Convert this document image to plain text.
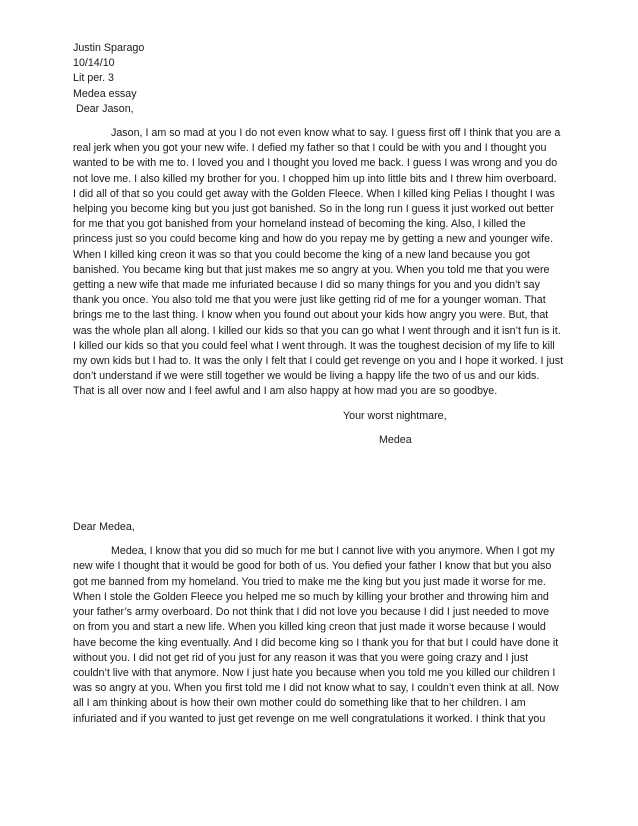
Justin Sparago
10/14/10
Lit per. 3
Medea essay
Dear Jason,
Jason, I am so mad at you I do not even know what to say. I guess first off I think that you are a
real jerk when you got your new wife. I defied my father so that I could be with you and I thought you
wanted to be with me to. I loved you and I thought you loved me back. I guess I was wrong and you do
not love me. I also killed my brother for you. I chopped him up into little bits and I threw him overboard.
I did all of that so you could get away with the Golden Fleece. When I killed king Pelias I thought I was
helping you become king but you just got banished. So in the long run I guess it just worked out better
for me that you got banished from your homeland instead of becoming the king. Also, I killed the
princess just so you could become king and how do you repay me by getting a new and younger wife.
When I killed king creon it was so that you could become the king of a new land because you got
banished. You became king but that just makes me so angry at you. When you told me that you were
getting a new wife that made me infuriated because I did so many things for you and you didn’t say
thank you once. You also told me that you were just like getting rid of me for a younger woman. That
brings me to the last thing. I know when you found out about your kids how angry you were. But, that
was the whole plan all along. I killed our kids so that you can go what I went through and it isn’t fun is it.
I killed our kids so that you could feel what I went through. It was the toughest decision of my life to kill
my own kids but I had to. It was the only I felt that I could get revenge on you and I hope it worked. I just
don’t understand if we were still together we would be living a happy life the two of us and our kids.
That is all over now and I feel awful and I am also happy at how mad you are so goodbye.
Your worst nightmare,
Medea
Dear Medea,
Medea, I know that you did so much for me but I cannot live with you anymore. When I got my
new wife I thought that it would be good for both of us. You defied your father I know that but you also
got me banned from my homeland. You tried to make me the king but you just made it worse for me.
When I stole the Golden Fleece you helped me so much by killing your brother and throwing him and
your father’s army overboard. Do not think that I did not love you because I did I just needed to move
on from you and start a new life. When you killed king creon that just made it worse because I would
have become the king eventually. And I did become king so I thank you for that but I could have done it
without you. I did not get rid of you just for any reason it was that you were going crazy and I just
couldn’t live with that anymore. Now I just hate you because when you told me you killed our children I
was so angry at you. When you first told me I did not know what to say, I couldn’t even think at all. Now
all I am thinking about is how their own mother could do something like that to her children. I am
infuriated and if you wanted to just get revenge on me well congratulations it worked. I think that you
